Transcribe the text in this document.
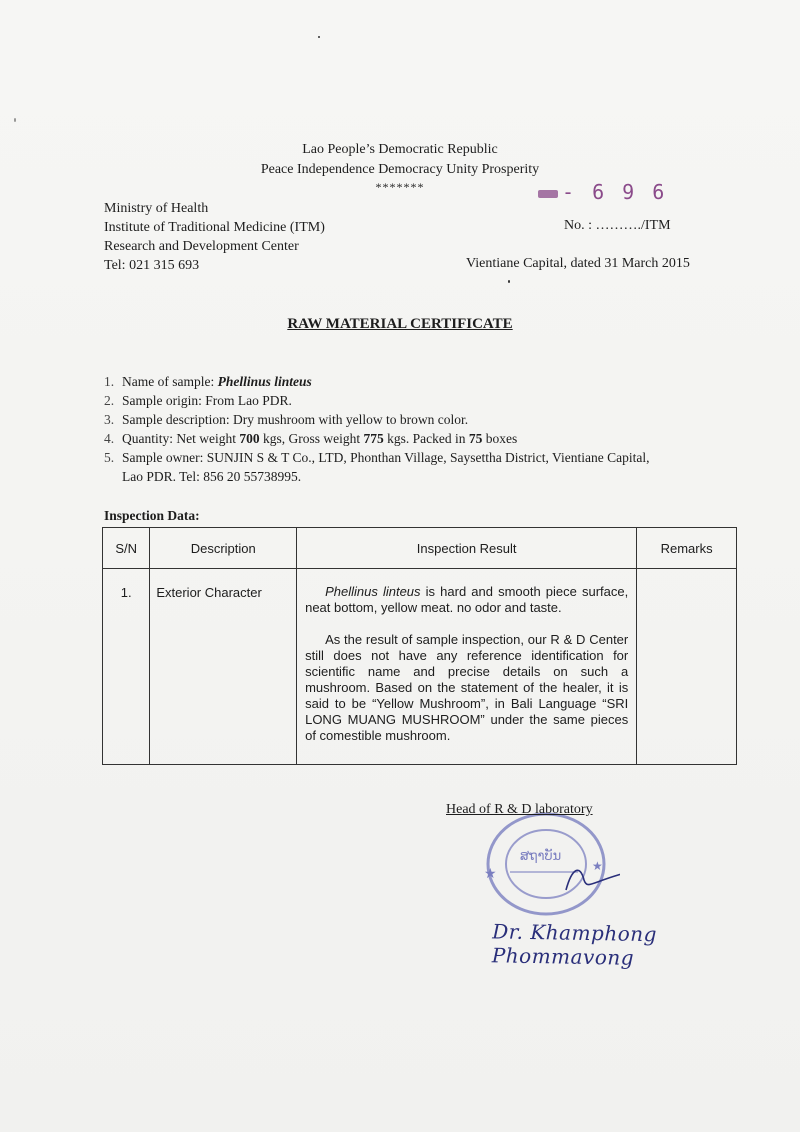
Lao People’s Democratic Republic
Peace Independence Democracy Unity Prosperity
*******
Ministry of Health
Institute of Traditional Medicine (ITM)
Research and Development Center
Tel: 021 315 693
- 6 9 6
No. : ………./ITM
Vientiane Capital, dated 31 March 2015
RAW MATERIAL CERTIFICATE
1. Name of sample: Phellinus linteus
2. Sample origin: From Lao PDR.
3. Sample description: Dry mushroom with yellow to brown color.
4. Quantity: Net weight 700 kgs, Gross weight 775 kgs. Packed in 75 boxes
5. Sample owner: SUNJIN S & T Co., LTD, Phonthan Village, Saysettha District, Vientiane Capital,
Lao PDR. Tel: 856 20 55738995.
Inspection Data:
S/N	Description	Inspection Result	Remarks
1.	Exterior Character	Phellinus linteus is hard and smooth piece surface, neat bottom, yellow meat. no odor and taste.

As the result of sample inspection, our R & D Center still does not have any reference identification for scientific name and precise details on such a mushroom. Based on the statement of the healer, it is said to be “Yellow Mushroom”, in Bali Language “SRI LONG MUANG MUSHROOM” under the same pieces of comestible mushroom.	

★	★
ສຖາບັນ
Head of R & D laboratory
Dr. Khamphong Phommavong
